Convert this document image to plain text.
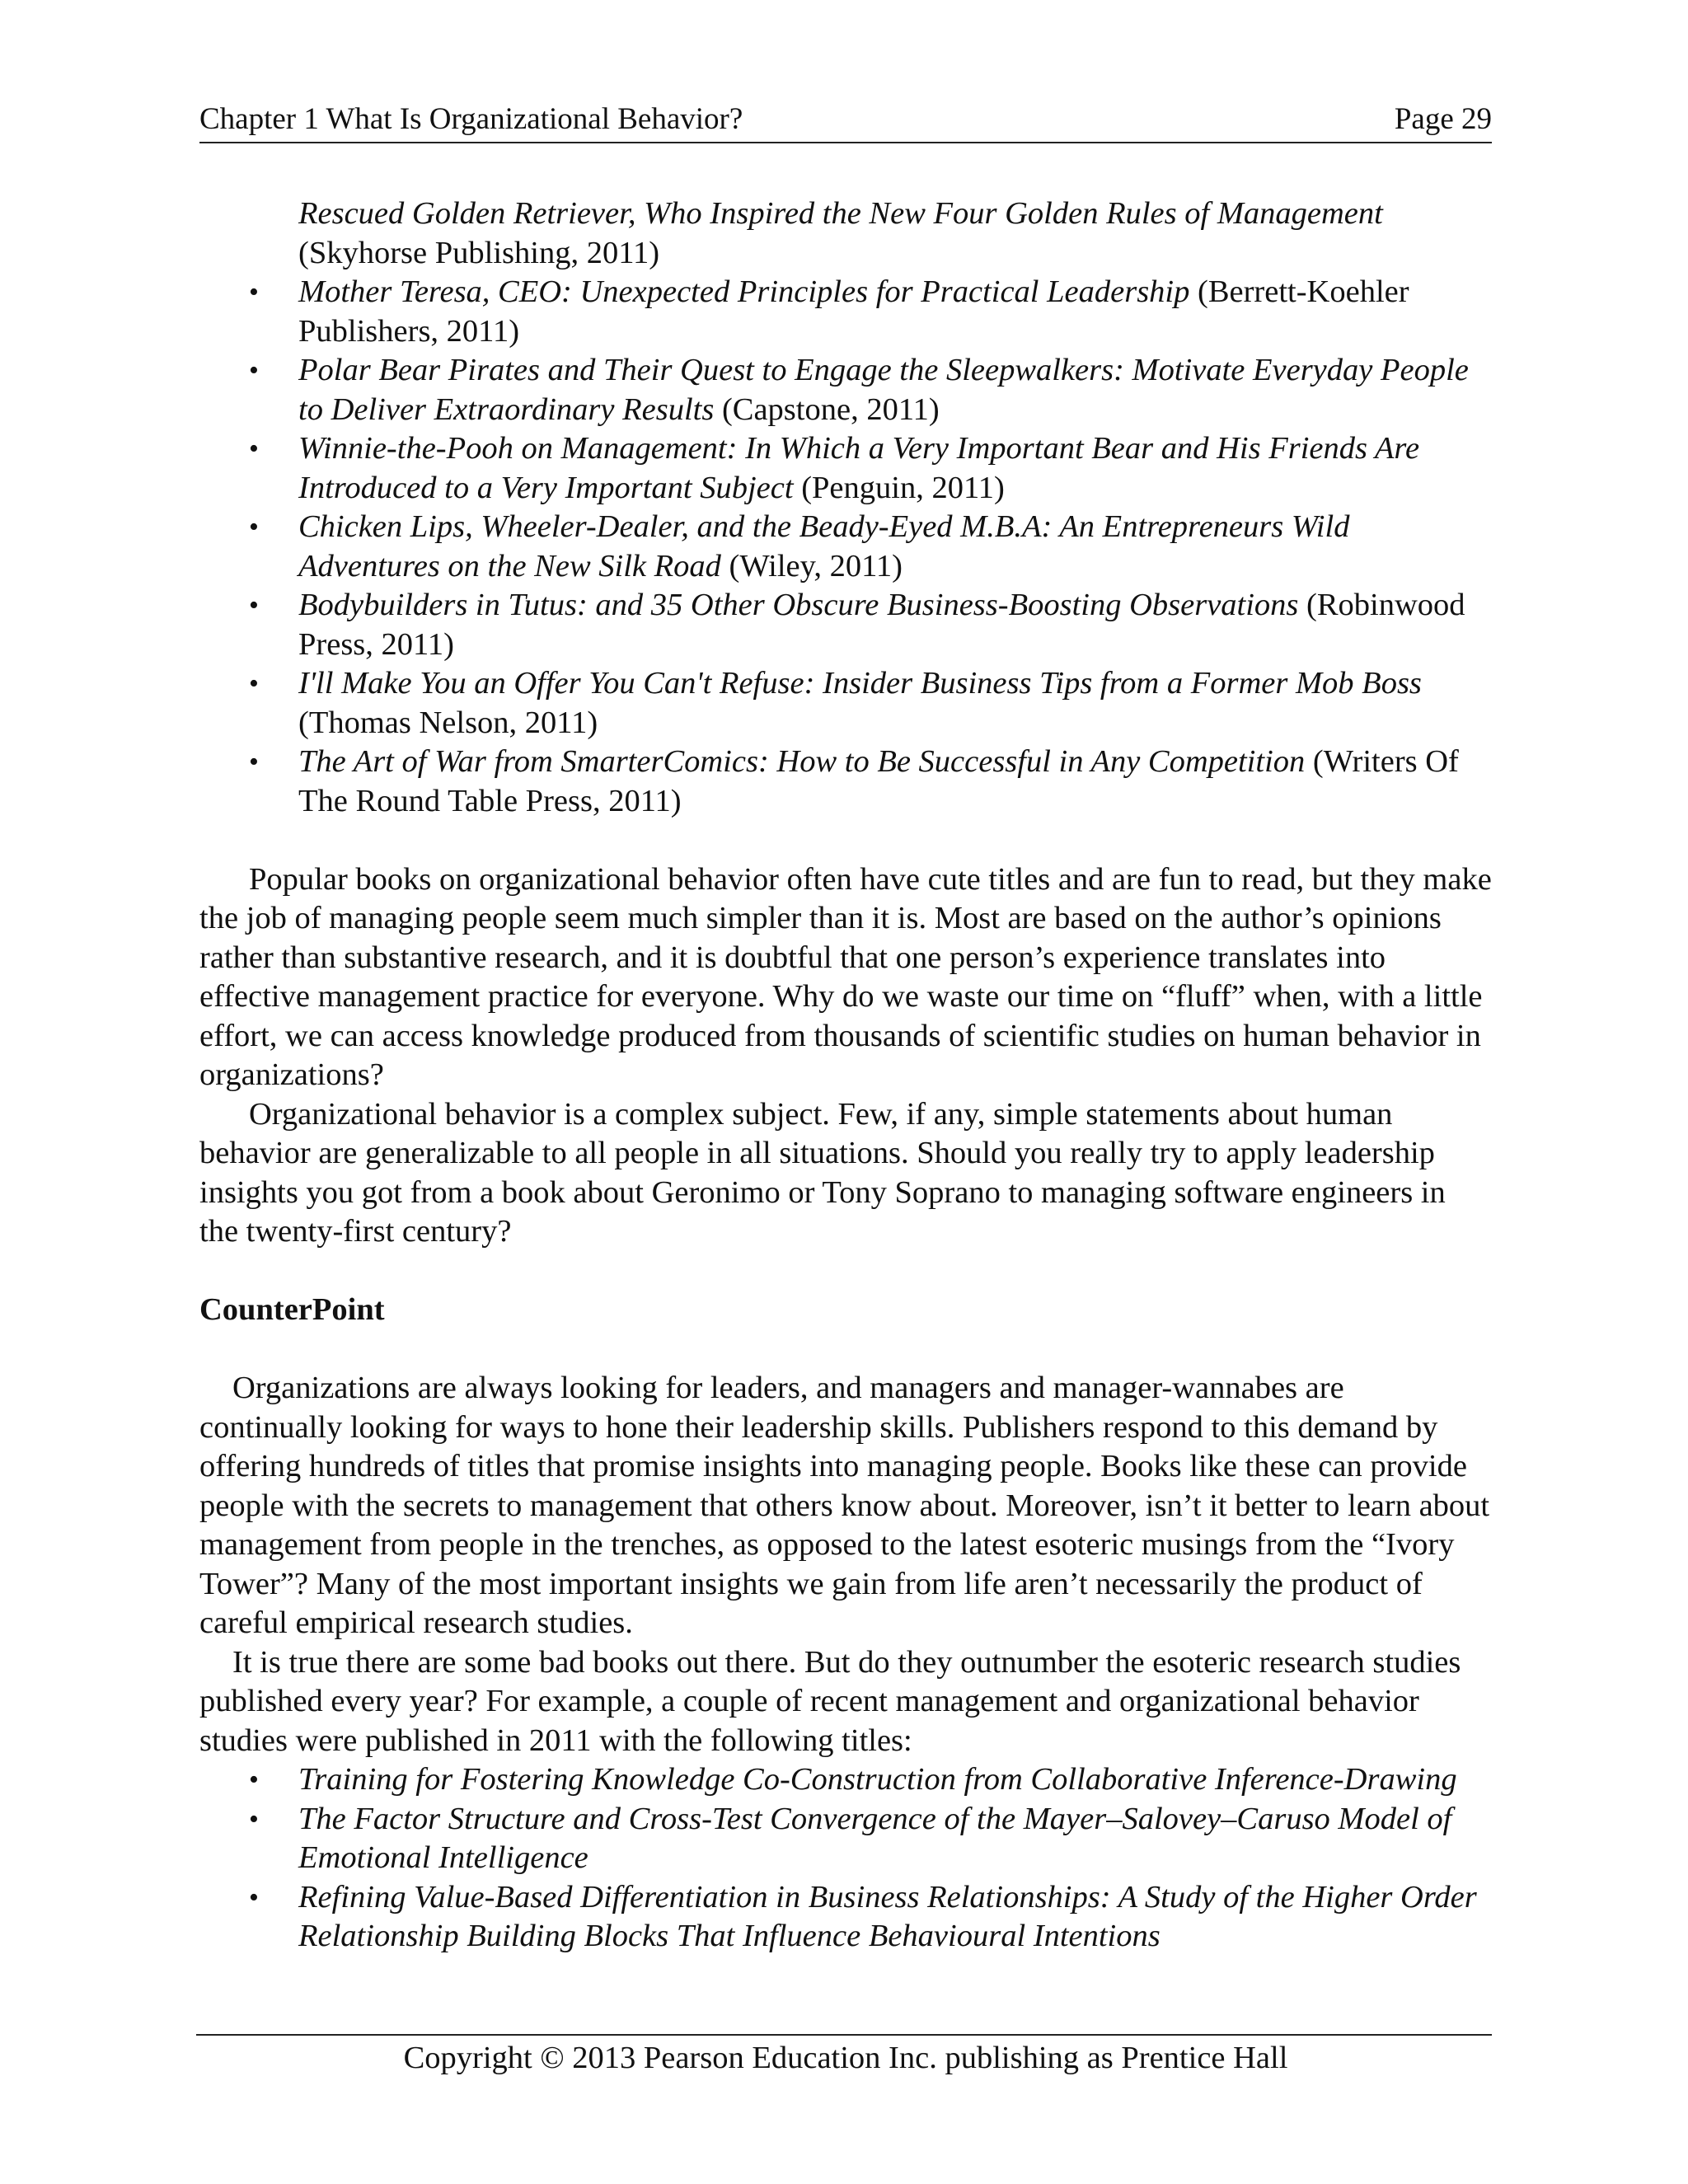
Chapter 1 What Is Organizational Behavior?	Page 29
Rescued Golden Retriever, Who Inspired the New Four Golden Rules of Management (Skyhorse Publishing, 2011)
• Mother Teresa, CEO: Unexpected Principles for Practical Leadership (Berrett-Koehler Publishers, 2011)
• Polar Bear Pirates and Their Quest to Engage the Sleepwalkers: Motivate Everyday People to Deliver Extraordinary Results (Capstone, 2011)
• Winnie-the-Pooh on Management: In Which a Very Important Bear and His Friends Are Introduced to a Very Important Subject (Penguin, 2011)
• Chicken Lips, Wheeler-Dealer, and the Beady-Eyed M.B.A: An Entrepreneurs Wild Adventures on the New Silk Road (Wiley, 2011)
• Bodybuilders in Tutus: and 35 Other Obscure Business-Boosting Observations (Robinwood Press, 2011)
• I'll Make You an Offer You Can't Refuse: Insider Business Tips from a Former Mob Boss (Thomas Nelson, 2011)
• The Art of War from SmarterComics: How to Be Successful in Any Competition (Writers Of The Round Table Press, 2011)

Popular books on organizational behavior often have cute titles and are fun to read, but they make the job of managing people seem much simpler than it is. Most are based on the author’s opinions rather than substantive research, and it is doubtful that one person’s experience translates into effective management practice for everyone. Why do we waste our time on “fluff” when, with a little effort, we can access knowledge produced from thousands of scientific studies on human behavior in organizations?

Organizational behavior is a complex subject. Few, if any, simple statements about human behavior are generalizable to all people in all situations. Should you really try to apply leadership insights you got from a book about Geronimo or Tony Soprano to managing software engineers in the twenty-first century?

CounterPoint

Organizations are always looking for leaders, and managers and manager-wannabes are continually looking for ways to hone their leadership skills. Publishers respond to this demand by offering hundreds of titles that promise insights into managing people. Books like these can provide people with the secrets to management that others know about. Moreover, isn’t it better to learn about management from people in the trenches, as opposed to the latest esoteric musings from the “Ivory Tower”? Many of the most important insights we gain from life aren’t necessarily the product of careful empirical research studies.

It is true there are some bad books out there. But do they outnumber the esoteric research studies published every year? For example, a couple of recent management and organizational behavior studies were published in 2011 with the following titles:

• Training for Fostering Knowledge Co-Construction from Collaborative Inference-Drawing
• The Factor Structure and Cross-Test Convergence of the Mayer–Salovey–Caruso Model of Emotional Intelligence
• Refining Value-Based Differentiation in Business Relationships: A Study of the Higher Order Relationship Building Blocks That Influence Behavioural Intentions
Copyright © 2013 Pearson Education Inc. publishing as Prentice Hall
